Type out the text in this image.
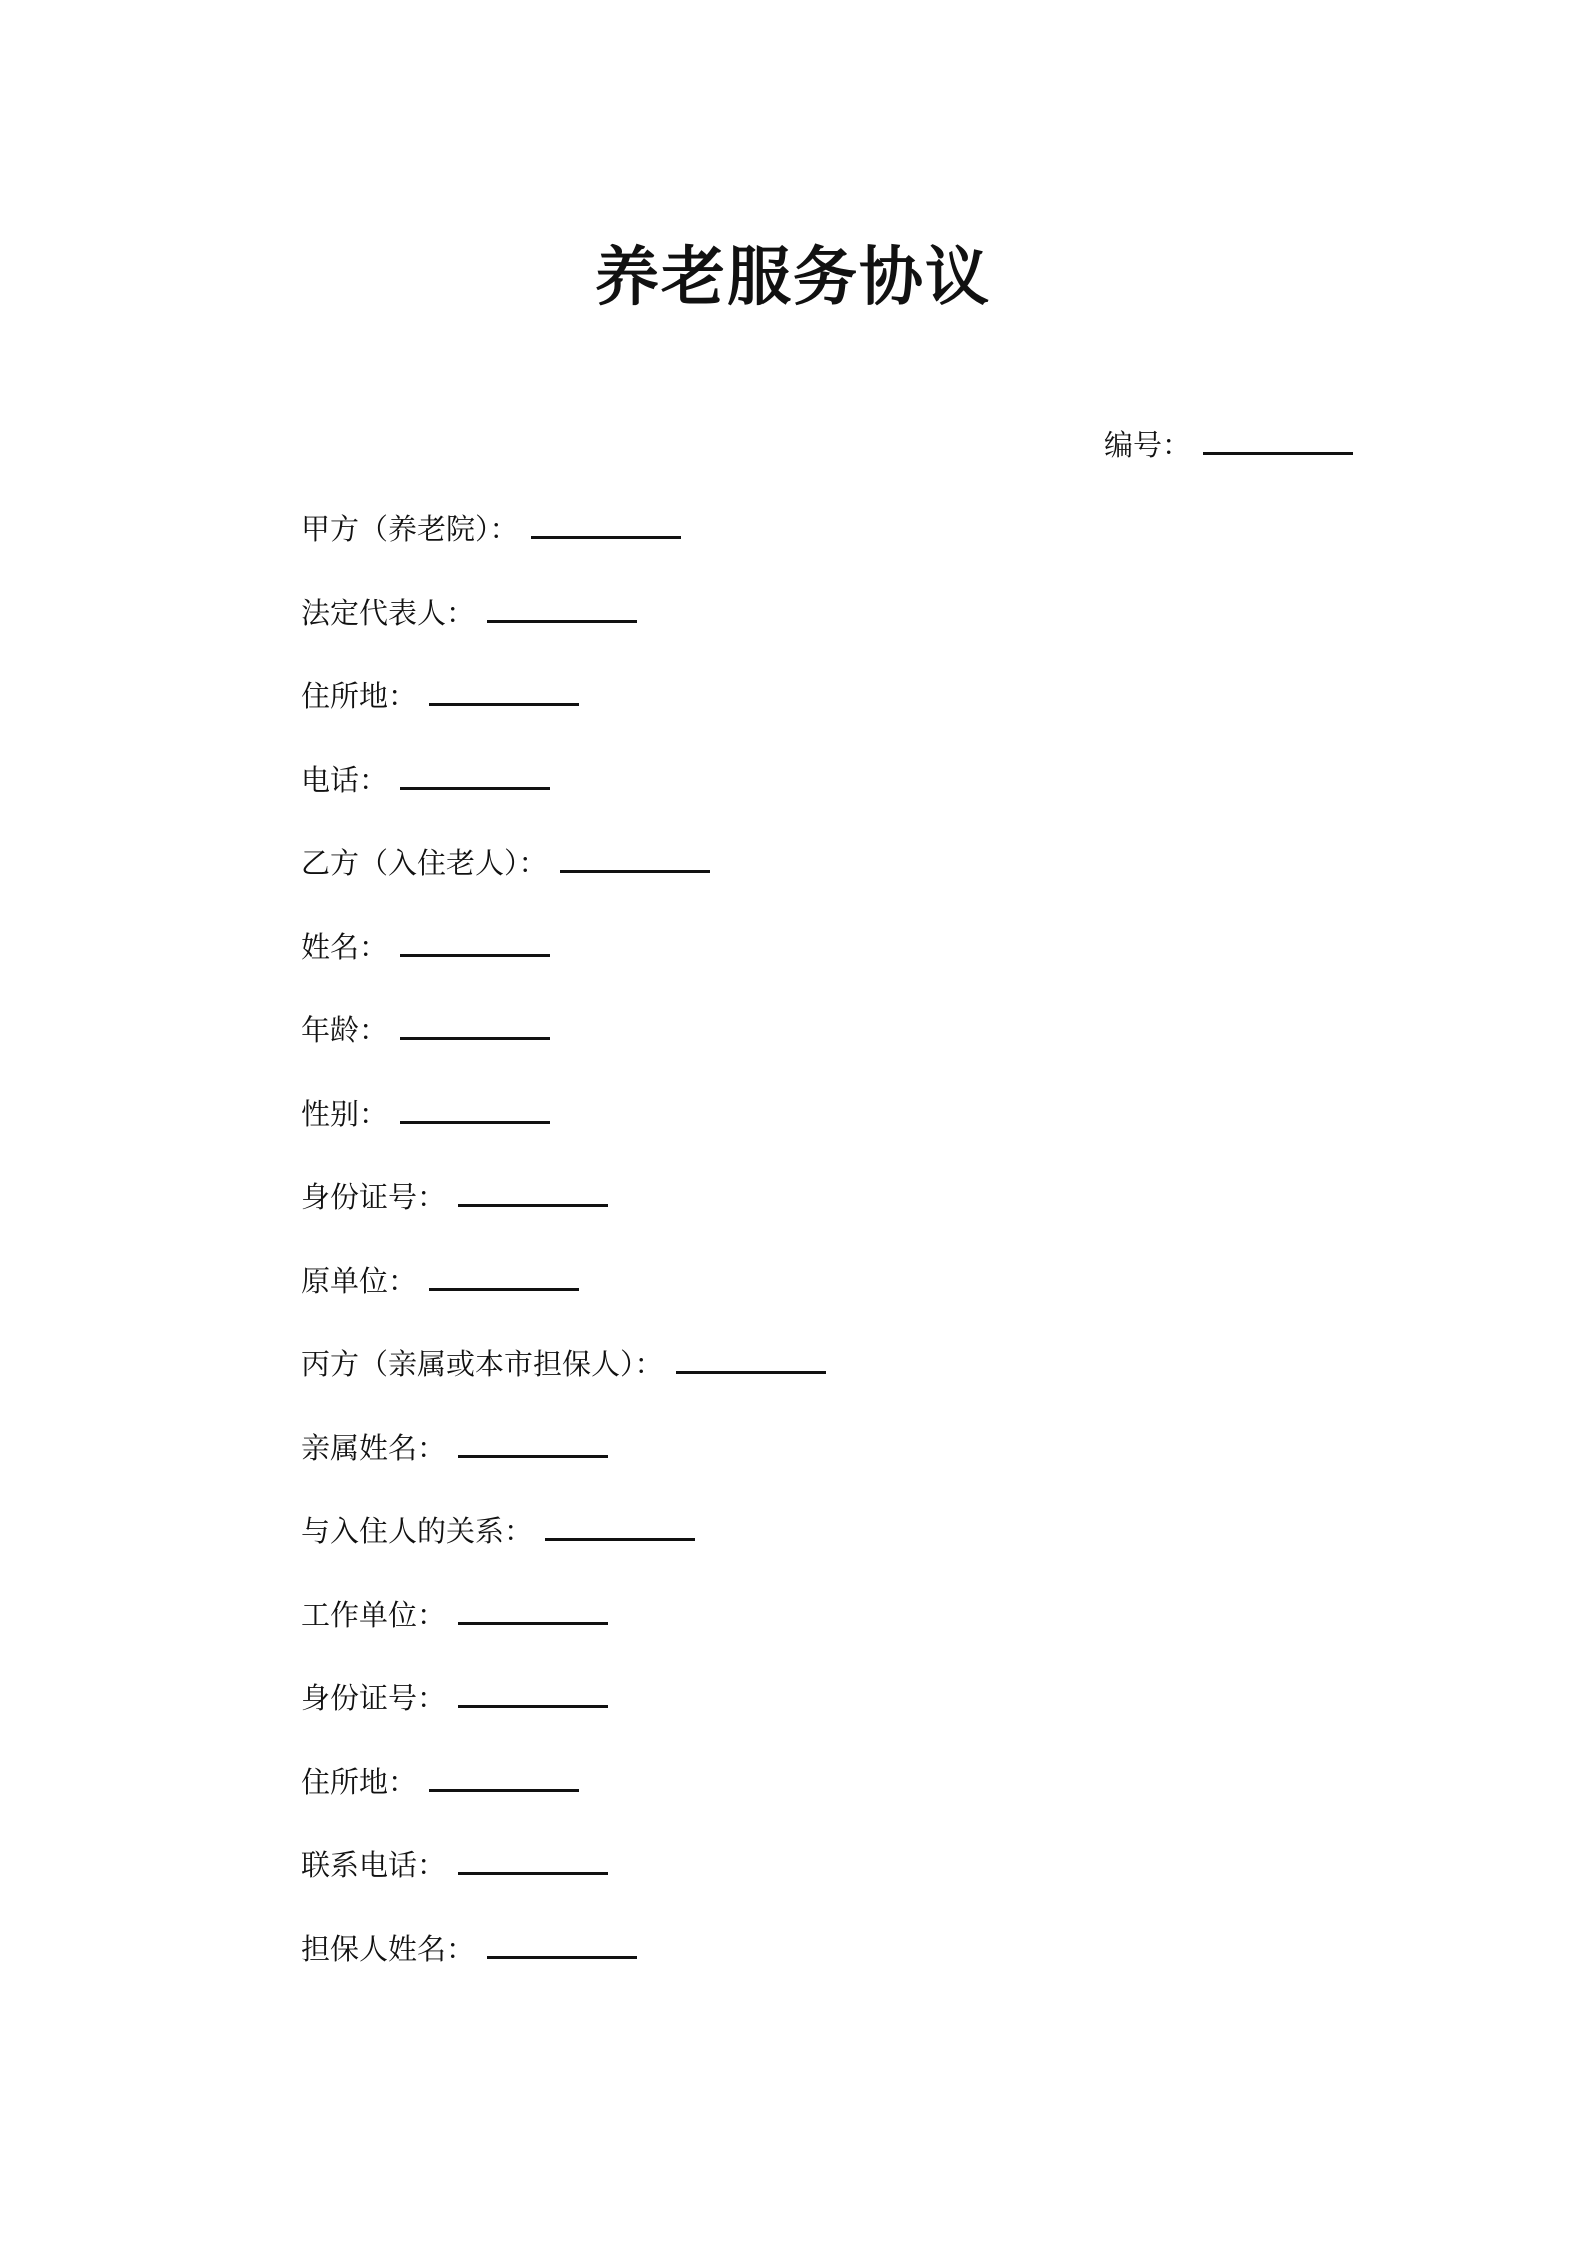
养老服务协议
编号：
甲方（养老院）：
法定代表人：
住所地：
电话：
乙方（入住老人）：
姓名：
年龄：
性别：
身份证号：
原单位：
丙方（亲属或本市担保人）：
亲属姓名：
与入住人的关系：
工作单位：
身份证号：
住所地：
联系电话：
担保人姓名：
